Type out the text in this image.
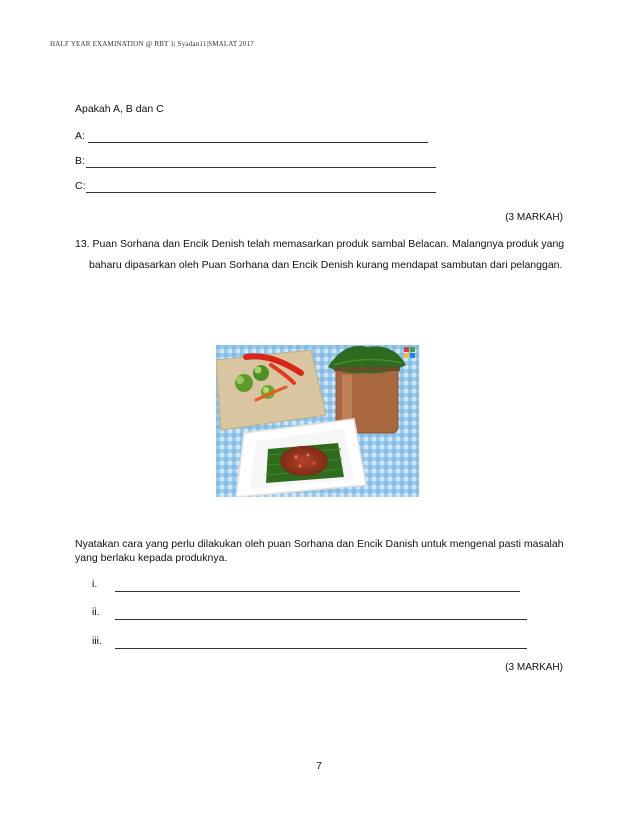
HALF YEAR EXAMINATION @ RBT 1| Syadan11|SMALAT 2017
Apakah A, B dan C
A:
B:
C:
(3 MARKAH)
13. Puan Sorhana dan Encik Denish telah memasarkan produk sambal Belacan. Malangnya produk yang
baharu dipasarkan oleh Puan Sorhana dan Encik Denish kurang mendapat sambutan dari pelanggan.
Nyatakan cara yang perlu dilakukan oleh puan Sorhana dan Encik Danish untuk mengenal pasti masalah
yang berlaku kepada produknya.
i.
ii.
iii.
(3 MARKAH)
7
